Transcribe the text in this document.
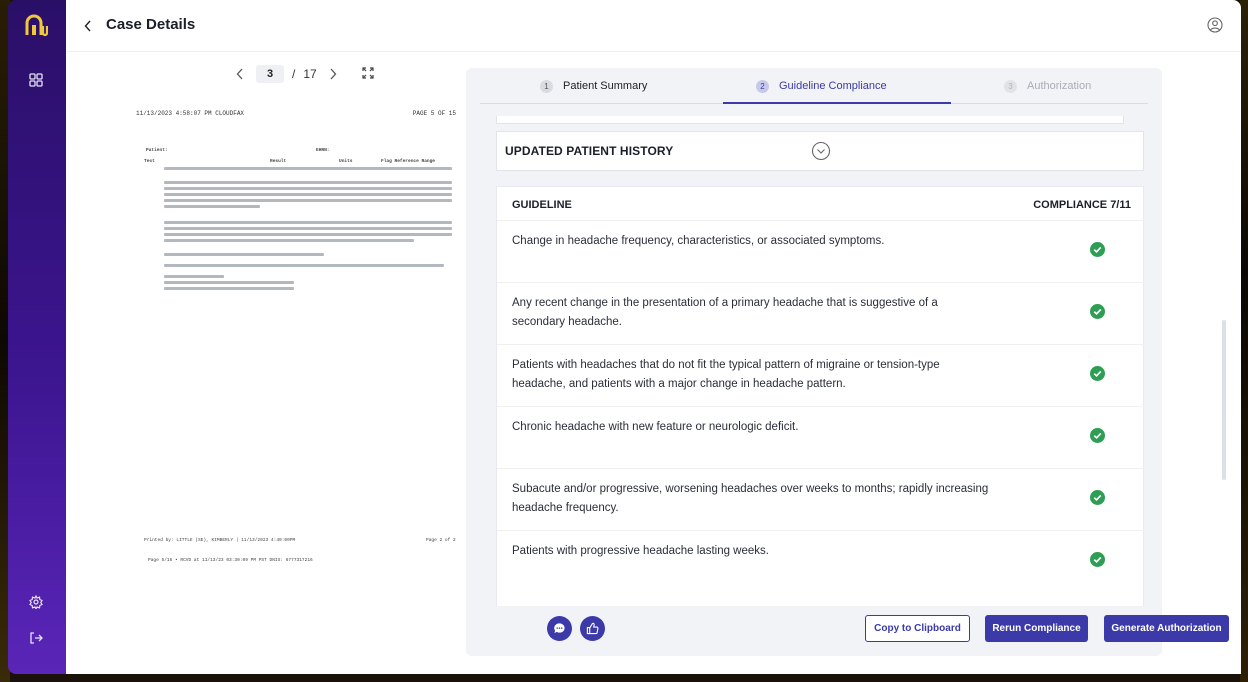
Case Details
3	/ 17
11/13/2023 4:58:07 PM CLOUDFAX	PAGE 5 OF 15
Patient:	EHRN:
Test	Result	Units	Flag Reference Range
Printed by: LITTLE (SE), KIMBERLY | 11/13/2023 4:40:00PM	Page 2 of 2
Page 5/15 • RCVD at 11/13/23 03:30:09 PM PST DNIS: 6777317216
1	Patient Summary	2	Guideline Compliance	3	Authorization
UPDATED PATIENT HISTORY
GUIDELINE	COMPLIANCE 7/11
Change in headache frequency, characteristics, or associated symptoms.
Any recent change in the presentation of a primary headache that is suggestive of a secondary headache.
Patients with headaches that do not fit the typical pattern of migraine or tension-type headache, and patients with a major change in headache pattern.
Chronic headache with new feature or neurologic deficit.
Subacute and/or progressive, worsening headaches over weeks to months; rapidly increasing headache frequency.
Patients with progressive headache lasting weeks.
Copy to Clipboard	Rerun Compliance	Generate Authorization
